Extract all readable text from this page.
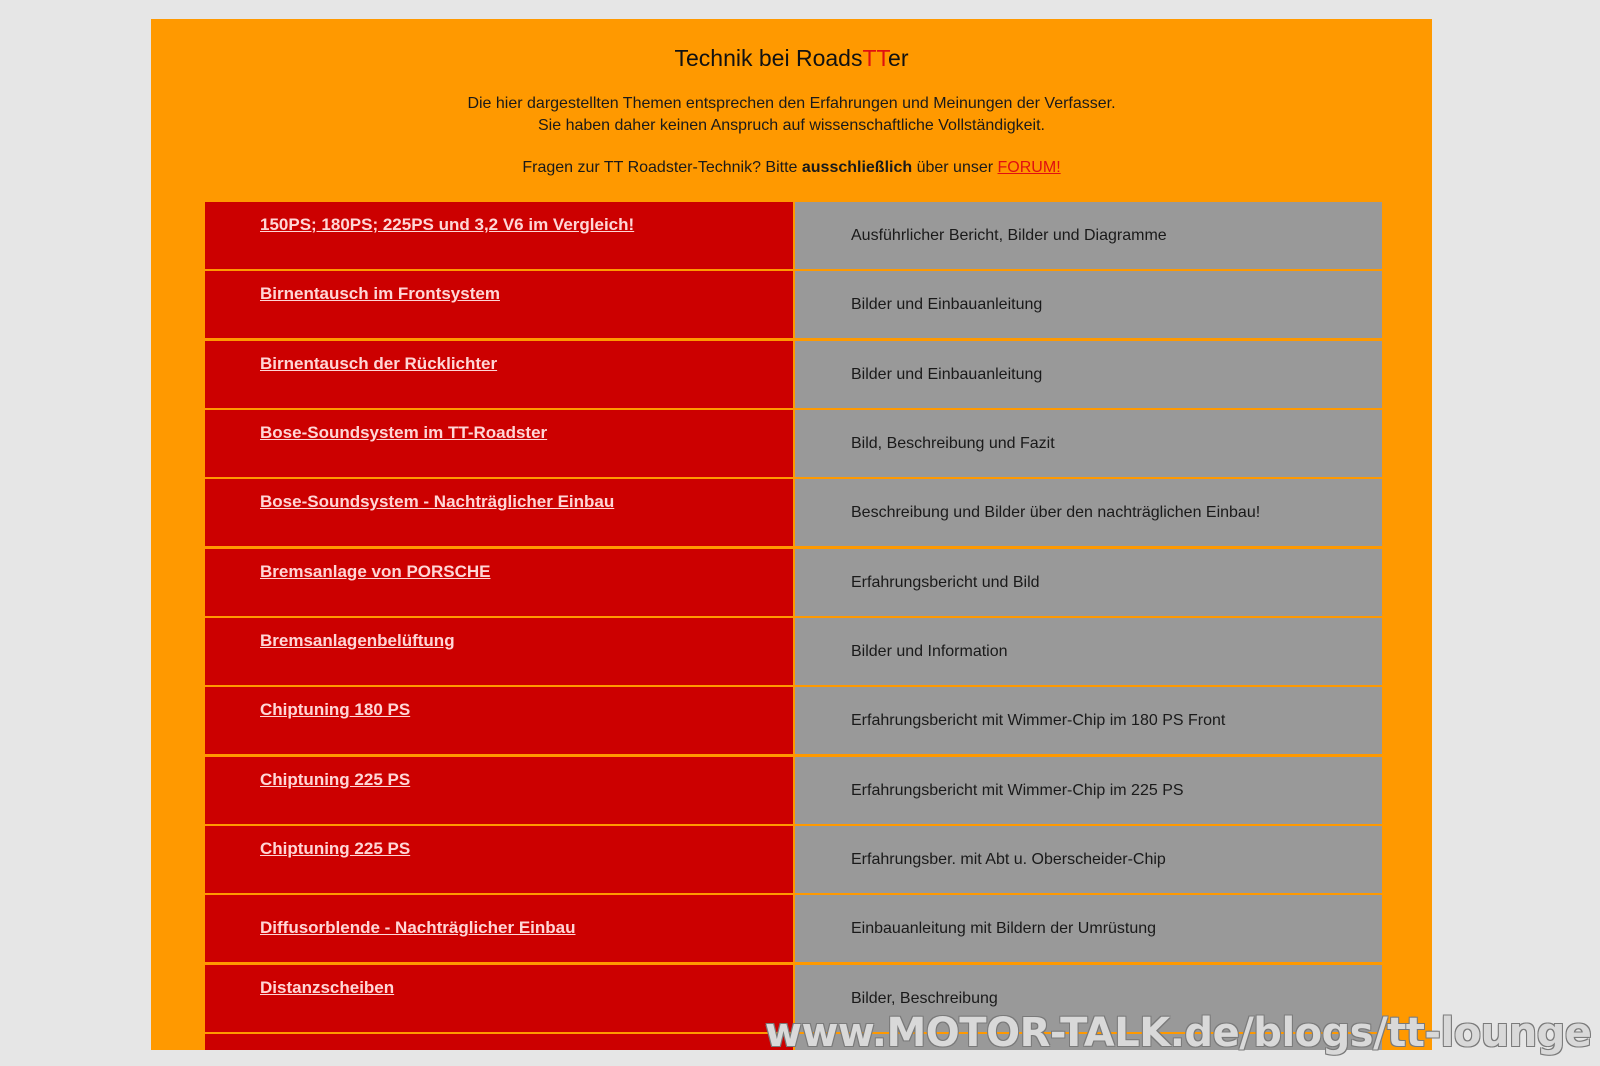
Technik bei RoadsTTer
Die hier dargestellten Themen entsprechen den Erfahrungen und Meinungen der Verfasser.
Sie haben daher keinen Anspruch auf wissenschaftliche Vollständigkeit.
Fragen zur TT Roadster-Technik? Bitte ausschließlich über unser FORUM!
150PS; 180PS; 225PS und 3,2 V6 im Vergleich!
Ausführlicher Bericht, Bilder und Diagramme
Birnentausch im Frontsystem
Bilder und Einbauanleitung
Birnentausch der Rücklichter
Bilder und Einbauanleitung
Bose-Soundsystem im TT-Roadster
Bild, Beschreibung und Fazit
Bose-Soundsystem - Nachträglicher Einbau
Beschreibung und Bilder über den nachträglichen Einbau!
Bremsanlage von PORSCHE
Erfahrungsbericht und Bild
Bremsanlagenbelüftung
Bilder und Information
Chiptuning 180 PS
Erfahrungsbericht mit Wimmer-Chip im 180 PS Front
Chiptuning 225 PS
Erfahrungsbericht mit Wimmer-Chip im 225 PS
Chiptuning 225 PS
Erfahrungsber. mit Abt u. Oberscheider-Chip
Diffusorblende - Nachträglicher Einbau	Einbauanleitung mit Bildern der Umrüstung
Distanzscheiben
Bilder, Beschreibung
www.MOTOR-TALK.de/blogs/tt-lounge
